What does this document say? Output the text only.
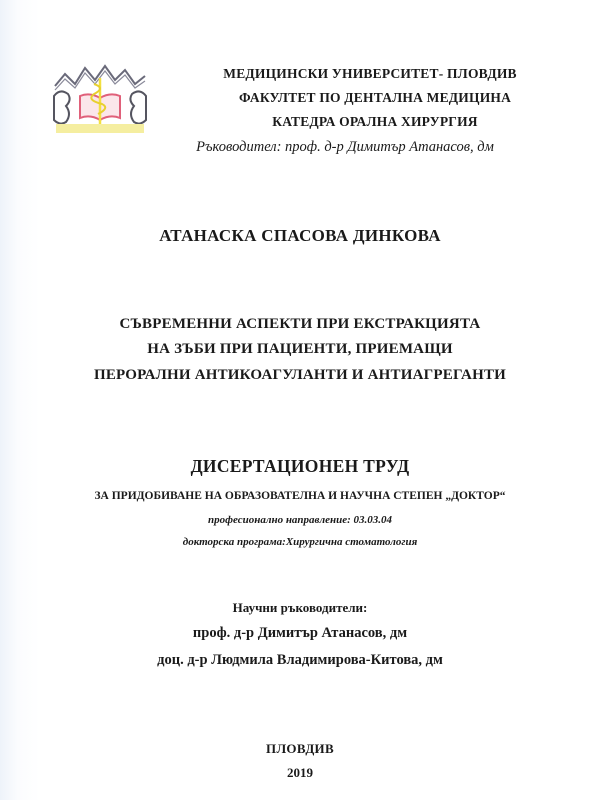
МЕДИЦИНСКИ УНИВЕРСИТЕТ- ПЛОВДИВ
ФАКУЛТЕТ ПО ДЕНТАЛНА МЕДИЦИНА
КАТЕДРА ОРАЛНА ХИРУРГИЯ
Ръководител: проф. д-р Димитър Атанасов, дм
АТАНАСКА СПАСОВА ДИНКОВА
СЪВРЕМЕННИ АСПЕКТИ ПРИ ЕКСТРАКЦИЯТА
НА ЗЪБИ ПРИ ПАЦИЕНТИ, ПРИЕМАЩИ
ПЕРОРАЛНИ АНТИКОАГУЛАНТИ И АНТИАГРЕГАНТИ
ДИСЕРТАЦИОНЕН ТРУД
ЗА ПРИДОБИВАНЕ НА ОБРАЗОВАТЕЛНА И НАУЧНА СТЕПЕН „ДОКТОР“
професионално направление: 03.03.04
докторска програма:Хирургична стоматология
Научни ръководители:
проф. д-р Димитър Атанасов, дм
доц. д-р Людмила Владимирова-Китова, дм
ПЛОВДИВ
2019
